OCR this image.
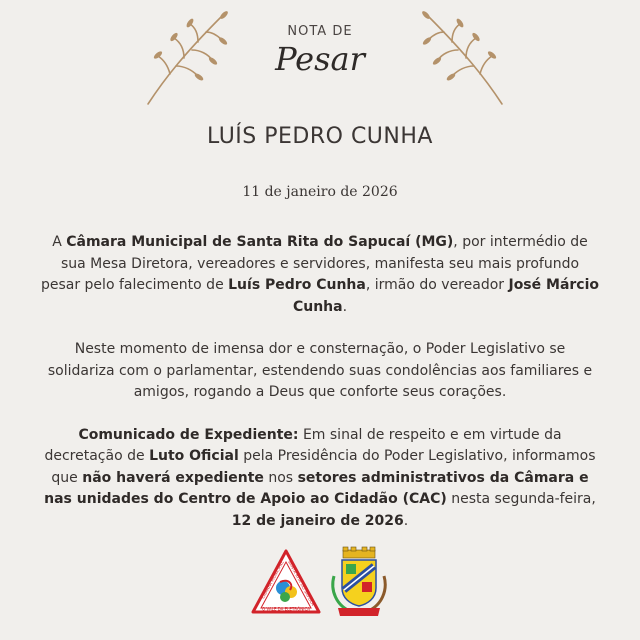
NOTA DE
Pesar
LUÍS PEDRO CUNHA
11 de janeiro de 2026

A Câmara Municipal de Santa Rita do Sapucaí (MG), por intermédio de sua Mesa Diretora, vereadores e servidores, manifesta seu mais profundo pesar pelo falecimento de Luís Pedro Cunha, irmão do vereador José Márcio Cunha.

Neste momento de imensa dor e consternação, o Poder Legislativo se solidariza com o parlamentar, estendendo suas condolências aos familiares e amigos, rogando a Deus que conforte seus corações.

Comunicado de Expediente: Em sinal de respeito e em virtude da decretação de Luto Oficial pela Presidência do Poder Legislativo, informamos que não haverá expediente nos setores administrativos da Câmara e nas unidades do Centro de Apoio ao Cidadão (CAC) nesta segunda-feira, 12 de janeiro de 2026.

CÂMARA MUNICIPAL SANTA RITA DO SAPUCA
O VALE DA ELETRÔNICA
